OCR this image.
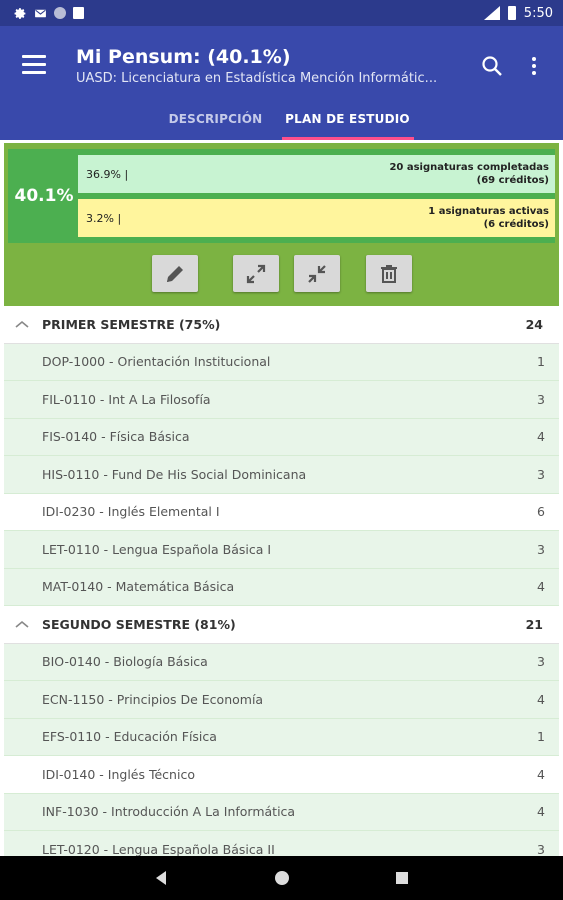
5:50
Mi Pensum: (40.1%)
UASD: Licenciatura en Estadística Mención Informátic...
DESCRIPCIÓN	PLAN DE ESTUDIO
40.1%
36.9% |	20 asignaturas completadas
(69 créditos)
3.2% |	1 asignaturas activas
(6 créditos)
PRIMER SEMESTRE (75%)	24
DOP-1000 - Orientación Institucional	1
FIL-0110 - Int A La Filosofía	3
FIS-0140 - Física Básica	4
HIS-0110 - Fund De His Social Dominicana	3
IDI-0230 - Inglés Elemental I	6
LET-0110 - Lengua Española Básica I	3
MAT-0140 - Matemática Básica	4
SEGUNDO SEMESTRE (81%)	21
BIO-0140 - Biología Básica	3
ECN-1150 - Principios De Economía	4
EFS-0110 - Educación Física	1
IDI-0140 - Inglés Técnico	4
INF-1030 - Introducción A La Informática	4
LET-0120 - Lengua Española Básica II	3
